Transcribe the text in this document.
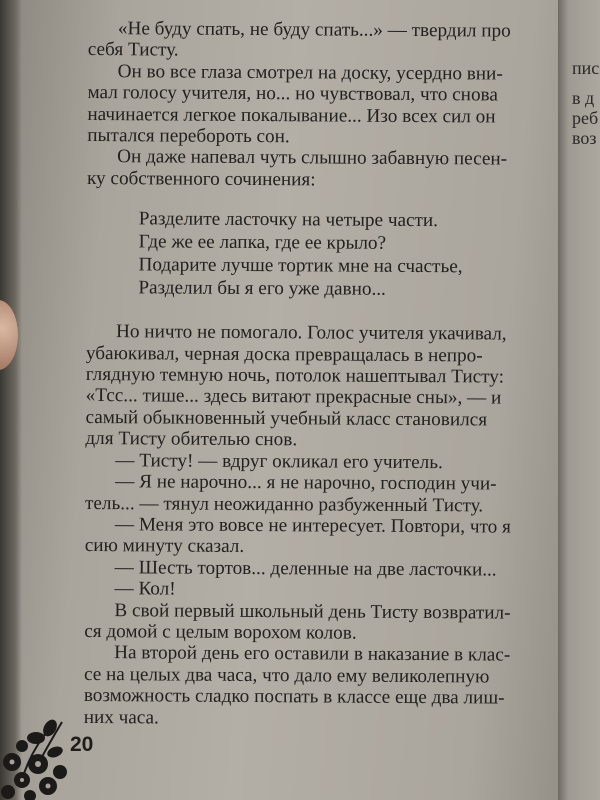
пис
в д
реб
воз
«Не буду спать, не буду спать...» — твердил про
себя Тисту.
Он во все глаза смотрел на доску, усердно вни-
мал голосу учителя, но... но чувствовал, что снова
начинается легкое покалывание... Изо всех сил он
пытался перебороть сон.
Он даже напевал чуть слышно забавную песен-
ку собственного сочинения:
Разделите ласточку на четыре части.
Где же ее лапка, где ее крыло?
Подарите лучше тортик мне на счастье,
Разделил бы я его уже давно...
Но ничто не помогало. Голос учителя укачивал,
убаюкивал, черная доска превращалась в непро-
глядную темную ночь, потолок нашептывал Тисту:
«Тсс... тише... здесь витают прекрасные сны», — и
самый обыкновенный учебный класс становился
для Тисту обителью снов.
— Тисту! — вдруг окликал его учитель.
— Я не нарочно... я не нарочно, господин учи-
тель... — тянул неожиданно разбуженный Тисту.
— Меня это вовсе не интересует. Повтори, что я
сию минуту сказал.
— Шесть тортов... деленные на две ласточки...
— Кол!
В свой первый школьный день Тисту возвратил-
ся домой с целым ворохом колов.
На второй день его оставили в наказание в клас-
се на целых два часа, что дало ему великолепную
возможность сладко поспать в классе еще два лиш-
них часа.
20
